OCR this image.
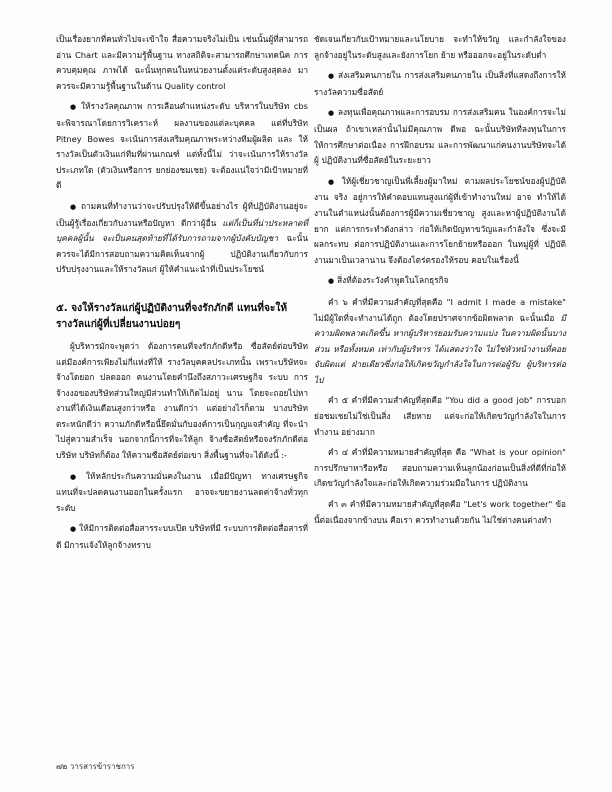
เป็นเรื่องยากที่คนทั่วไปจะเข้าใจ สื่อความจริงไม่เป็น เช่นนั้นผู้ที่สามารถอ่าน Chart และมีความรู้พื้นฐาน ทางสถิติจะสามารถศึกษาเทคนิค การควบคุมคุณ ภาพได้ ฉะนั้นทุกคนในหน่วยงานตั้งแต่ระดับสูงสุดลง มา ควรจะมีความรู้พื้นฐานในด้าน Quality control

● ให้รางวัลคุณภาพ การเลือนตำแหน่งระดับ บริหารในบริษัท cbs จะพิจารณาโดยการวิเคราะห์ ผลงานของแต่ละบุคคล แต่ที่บริษัท Pitney Bowes จะเน้นการส่งเสริมคุณภาพระหว่างทีมผู้ผลิต และ ให้รางวัลเป็นตัวเงินแก่ทีมที่ผ่านเกณฑ์ แต่ทั้งนี้ไม่ ว่าจะเน้นการให้รางวัลประเภทใด (ตัวเงินหรือการ ยกย่องชมเชย) จะต้องแน่ใจว่ามีเป้าหมายที่ดี

● ถามคนที่ทำงานว่าจะปรับปรุงให้ดีขึ้นอย่างไร ผู้ที่ปฏิบัติงานอยู่จะเป็นผู้รู้เรื่องเกี่ยวกับงานหรือปัญหา ดีกว่าผู้อื่น แต่ก็เป็นที่น่าประหลาดที่บุคคลผู้นั้น จะเป็นคนสุดท้ายที่ได้รับการถามจากผู้บังคับบัญชา ฉะนั้นควรจะได้มีการสอบถามความคิดเห็นจากผู้ ปฏิบัติงานเกี่ยวกับการปรับปรุงงานและให้รางวัลแก่ ผู้ให้คำแนะนำที่เป็นประโยชน์

๕. จงให้รางวัลแก่ผู้ปฏิบัติงานที่จงรักภักดี แทนที่จะให้รางวัลแก่ผู้ที่เปลี่ยนงานบ่อยๆ

ผู้บริหารมักจะพูดว่า ต้องการคนที่จงรักภักดีหรือ ซื่อสัตย์ต่อบริษัท แต่มีองค์การเพียงไม่กี่แห่งที่ให้ รางวัลบุคคลประเภทนั้น เพราะบริษัทจะจ้างโดยอก ปลดออก คนงานโดยคำนึงถึงสภาวะเศรษฐกิจ ระบบ การจ้างงอของบริษัทส่วนใหญ่มีส่วนทำให้เกิดไม่อยู่ นาน โดยจะถอยไปหางานที่ได้เงินเดือนสูงกว่าหรือ งานดีกว่า แต่อย่างไรก็ตาม บางบริษัทตระหนักดีว่า ความภักดีหรือนี้ยึดมั่นกับองค์การเป็นกุญแจสำคัญ ที่จะนำไปสู่ความสำเร็จ นอกจากนี้การที่จะให้ลูก จ้างซื่อสัตย์หรือจงรักภักดีต่อบริษัท บริษัทก็ต้อง ให้ความซื่อสัตย์ต่อเขา สิ่งพื้นฐานที่จะได้ดังนี้ :-

● ให้หลักประกันความมั่นคงในงาน เมื่อมีปัญหา ทางเศรษฐกิจ แทนที่จะปลดคนงานออกในครั้งแรก อาจจะขยายงานลดค่าจ้างทั่วทุกระดับ

● ให้มีการติดต่อสื่อสารระบบเปิด บริษัทที่มี ระบบการติดต่อสื่อสารที่ดี มีการแจ้งให้ลูกจ้างทราบ

ชัดเจนเกี่ยวกับเป้าหมายและนโยบาย จะทำให้ขวัญ และกำลังใจของลูกจ้างอยู่ในระดับสูงและยังการโยก ย้าย หรือออกจะอยู่ในระดับต่ำ

● ส่งเสริมคนภายใน การส่งเสริมคนภายใน เป็นสิ่งที่แสดงถึงการให้รางวัลความซื่อสัตย์

● ลงทุนเพื่อคุณภาพและการอบรม การส่งเสริมคน ในองค์การจะไม่เป็นผล ถ้าเขาเหล่านั้นไม่มีคุณภาพ ดีพอ ฉะนั้นบริษัทที่ลงทุนในการให้การศึกษาต่อเนื่อง การฝึกอบรม และการพัฒนาแก่คนงานบริษัทจะได้ผู้ ปฏิบัติงานที่ซื่อสัตย์ในระยะยาว

● ให้ผู้เชี่ยวชาญเป็นพี่เลี้ยงผู้มาใหม่ ตามผลประโยชน์ของผู้ปฏิบัติงาน จริง อยู่การให้คำตอบแทนสูงแก่ผู้ที่เข้าทำงานใหม่ อาจ ทำให้ได้งานในตำแหน่งนั้นต้องการผู้มีความเชี่ยวชาญ สูงและหาผู้ปฏิบัติงานได้ยาก แต่การกระทำดังกล่าว ก่อให้เกิดปัญหาขวัญและกำลังใจ ซึ่งจะมีผลกระทบ ต่อการปฏิบัติงานและการโยกย้ายหรือออก ในหมู่ผู้ที่ ปฏิบัติงานมาเป็นเวลานาน จึงต้องไตร่ตรองให้รอบ คอบในเรื่องนี้

● สิ่งที่ต้องระวังคำพูดในโลกธุรกิจ

คำ ๖ คำที่มีความสำคัญที่สุดคือ "I admit I made a mistake" ไม่มีผู้ใดที่จะทำงานได้ถูก ต้องโดยปราศจากข้อผิดพลาด ฉะนั้นเมื่อ มีความผิดพลาดเกิดขึ้น หากผู้บริหารยอมรับความแบ่ง ในความผิดนั้นบางส่วน หรือทั้งหมด เท่ากับผู้บริหาร ได้แสดงว่าใจ ไม่ใช่หัวหน้างานที่คอยจับผิดแต่ ฝ่ายเดียวซึ่งก่อให้เกิดขวัญกำลังใจในการต่อผู้รับ ผู้บริหารต่อไป

คำ ๕ คำที่มีความสำคัญที่สุดคือ "You did a good job" การบอกย่อชมเชยไม่ใช่เป็นสิ่ง เสียหาย แต่จะก่อให้เกิดขวัญกำลังใจในการทำงาน อย่างมาก

คำ ๔ คำที่มีความหมายสำคัญที่สุด คือ "What is your opinion" การปรึกษาหารือหรือ สอบถามความเห็นลูกน้องก่อนเป็นสิ่งที่ดีที่ก่อให้ เกิดขวัญกำลังใจและก่อให้เกิดความร่วมมือในการ ปฏิบัติงาน

คำ ๓ คำที่มีความหมายสำคัญที่สุดคือ "Let's work together" ข้อนี้ต่อเนื่องจากข้างบน คือเรา ควรทำงานด้วยกัน ไม่ใช่ต่างคนต่างทำ

๗๒ วารสารข้าราชการ
